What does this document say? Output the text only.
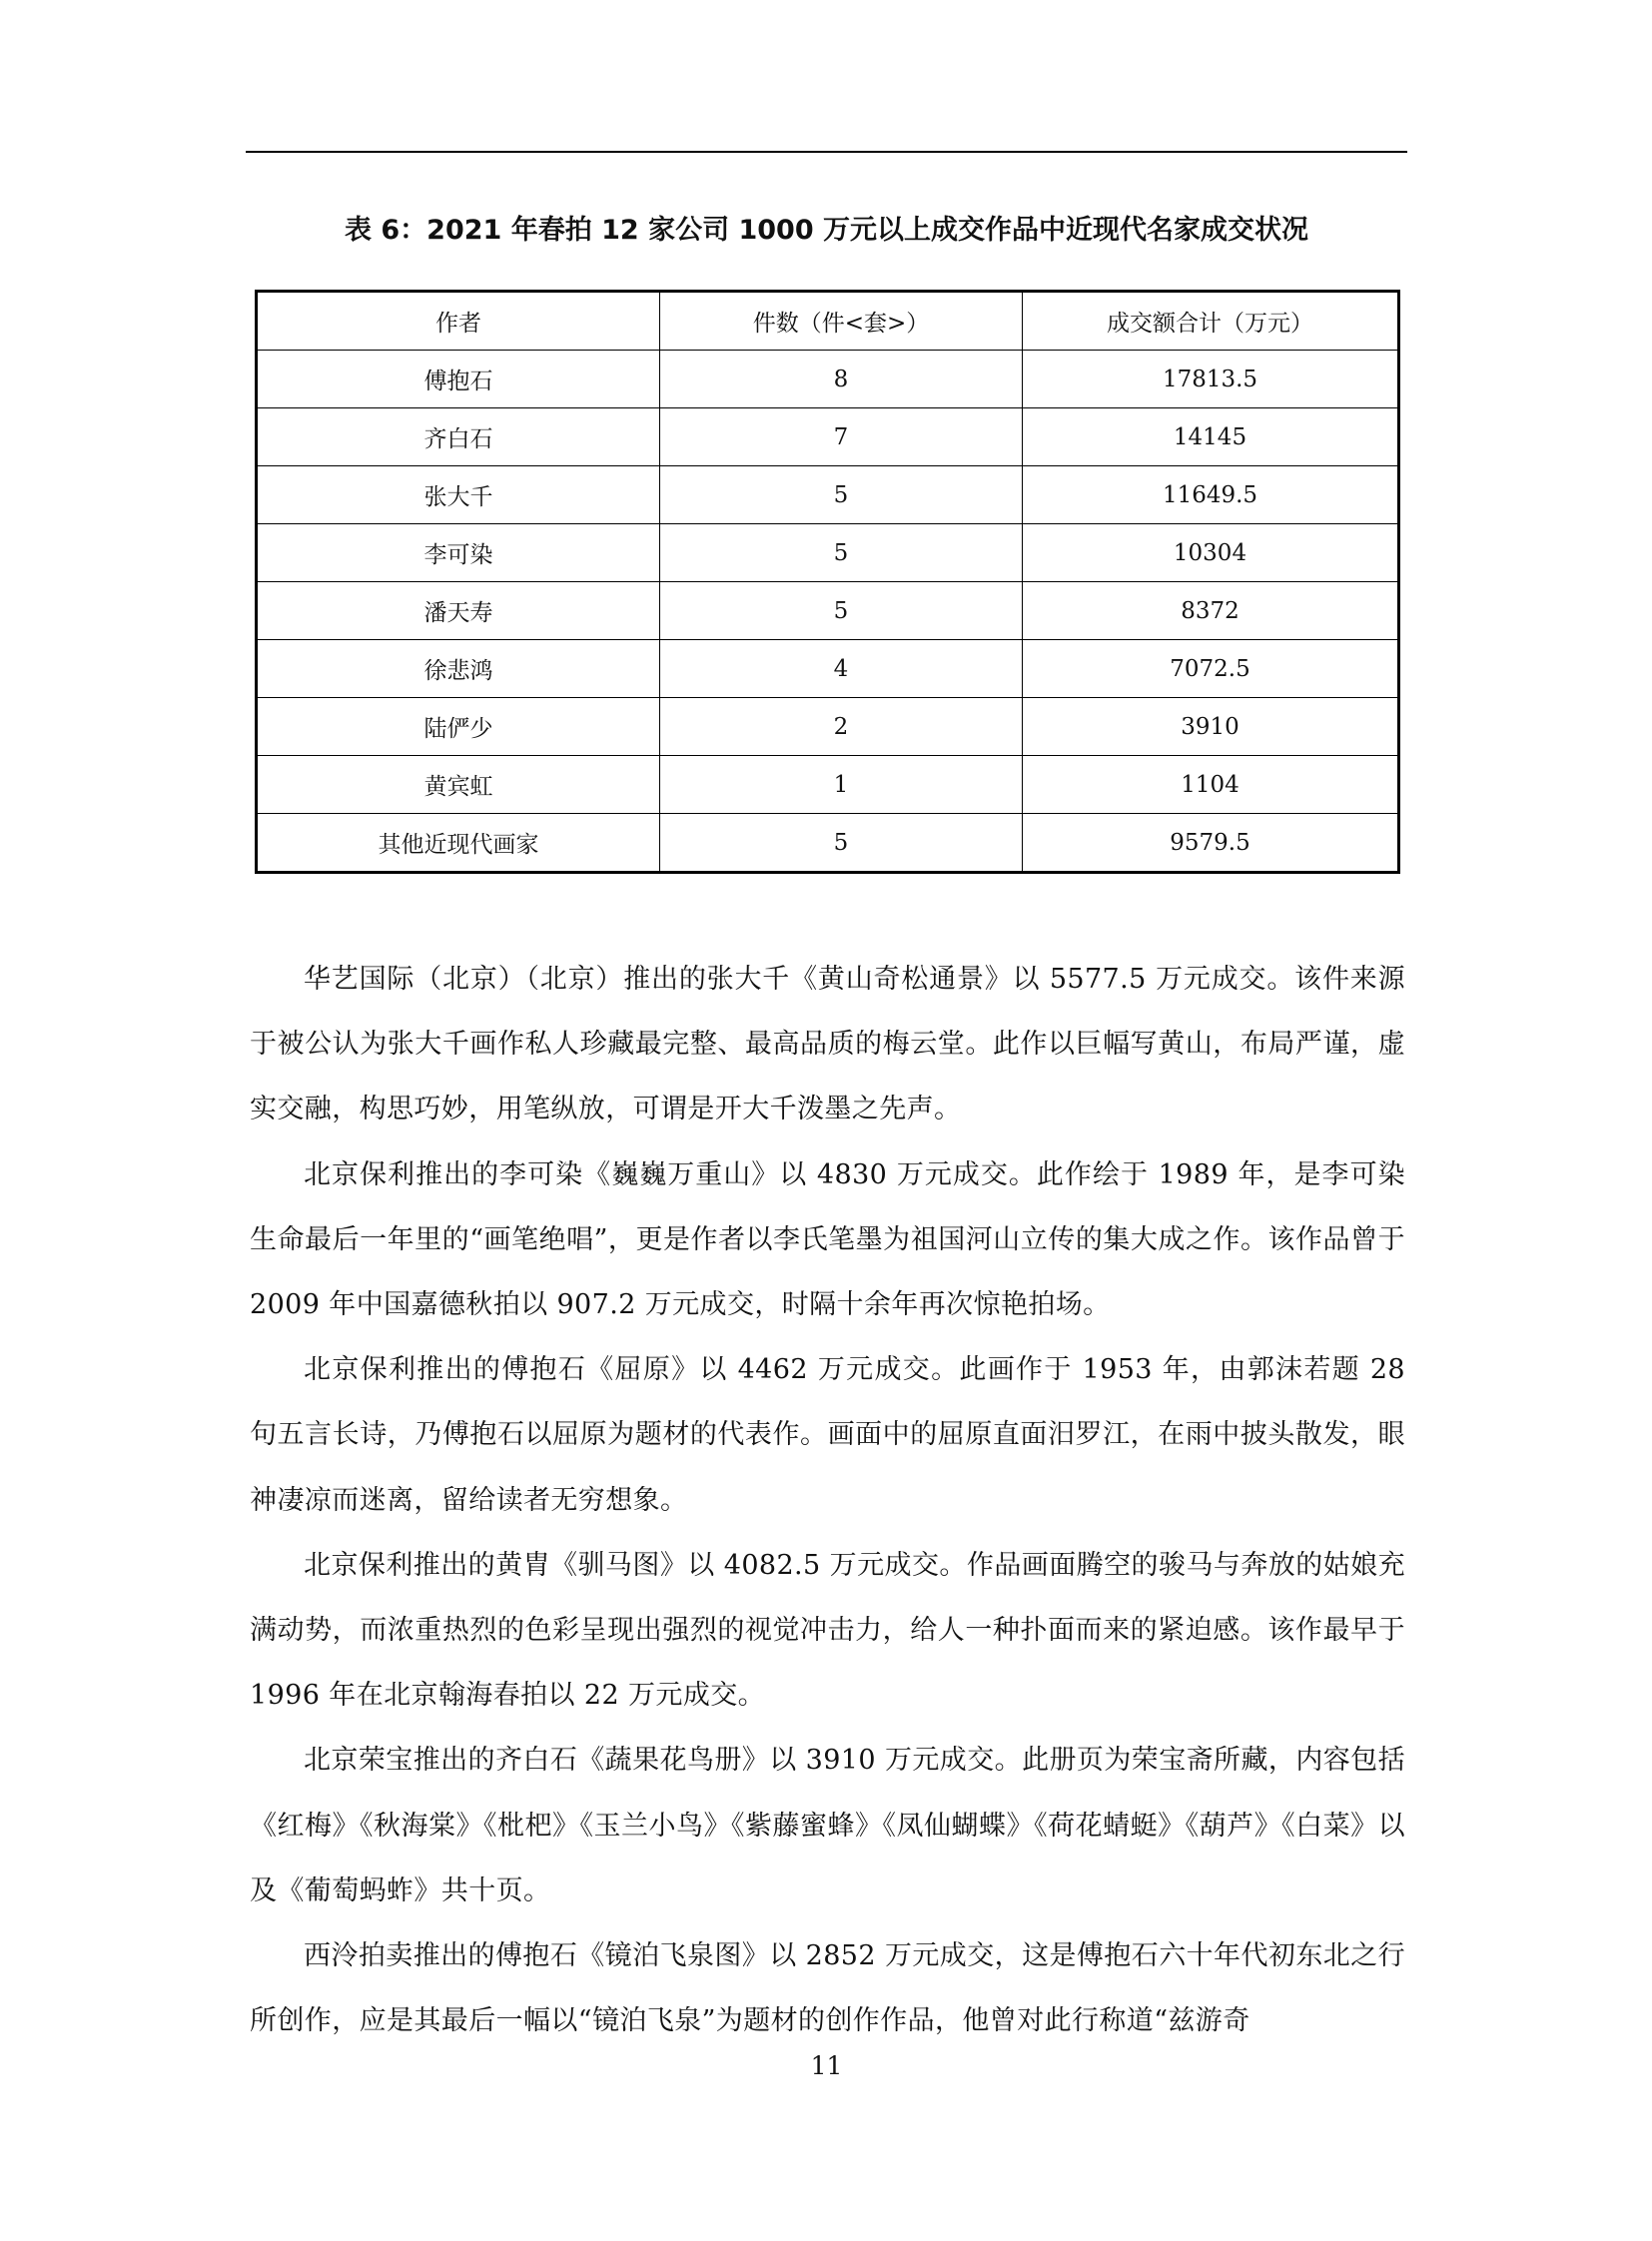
表 6：2021 年春拍 12 家公司 1000 万元以上成交作品中近现代名家成交状况
作者	件数（件<套>）	成交额合计（万元）
傅抱石	8	17813.5
齐白石	7	14145
张大千	5	11649.5
李可染	5	10304
潘天寿	5	8372
徐悲鸿	4	7072.5
陆俨少	2	3910
黄宾虹	1	1104
其他近现代画家	5	9579.5

华艺国际（北京）（北京）推出的张大千《黄山奇松通景》以 5577.5 万元成交。该件来源于被公认为张大千画作私人珍藏最完整、最高品质的梅云堂。此作以巨幅写黄山，布局严谨，虚实交融，构思巧妙，用笔纵放，可谓是开大千泼墨之先声。

北京保利推出的李可染《巍巍万重山》以 4830 万元成交。此作绘于 1989 年，是李可染生命最后一年里的“画笔绝唱”，更是作者以李氏笔墨为祖国河山立传的集大成之作。该作品曾于 2009 年中国嘉德秋拍以 907.2 万元成交，时隔十余年再次惊艳拍场。

北京保利推出的傅抱石《屈原》以 4462 万元成交。此画作于 1953 年，由郭沫若题 28 句五言长诗，乃傅抱石以屈原为题材的代表作。画面中的屈原直面汨罗江，在雨中披头散发，眼神凄凉而迷离，留给读者无穷想象。

北京保利推出的黄胄《驯马图》以 4082.5 万元成交。作品画面腾空的骏马与奔放的姑娘充满动势，而浓重热烈的色彩呈现出强烈的视觉冲击力，给人一种扑面而来的紧迫感。该作最早于 1996 年在北京翰海春拍以 22 万元成交。

北京荣宝推出的齐白石《蔬果花鸟册》以 3910 万元成交。此册页为荣宝斋所藏，内容包括《红梅》《秋海棠》《枇杷》《玉兰小鸟》《紫藤蜜蜂》《凤仙蝴蝶》《荷花蜻蜓》《葫芦》《白菜》以及《葡萄蚂蚱》共十页。

西泠拍卖推出的傅抱石《镜泊飞泉图》以 2852 万元成交，这是傅抱石六十年代初东北之行所创作，应是其最后一幅以“镜泊飞泉”为题材的创作作品，他曾对此行称道“兹游奇

11
